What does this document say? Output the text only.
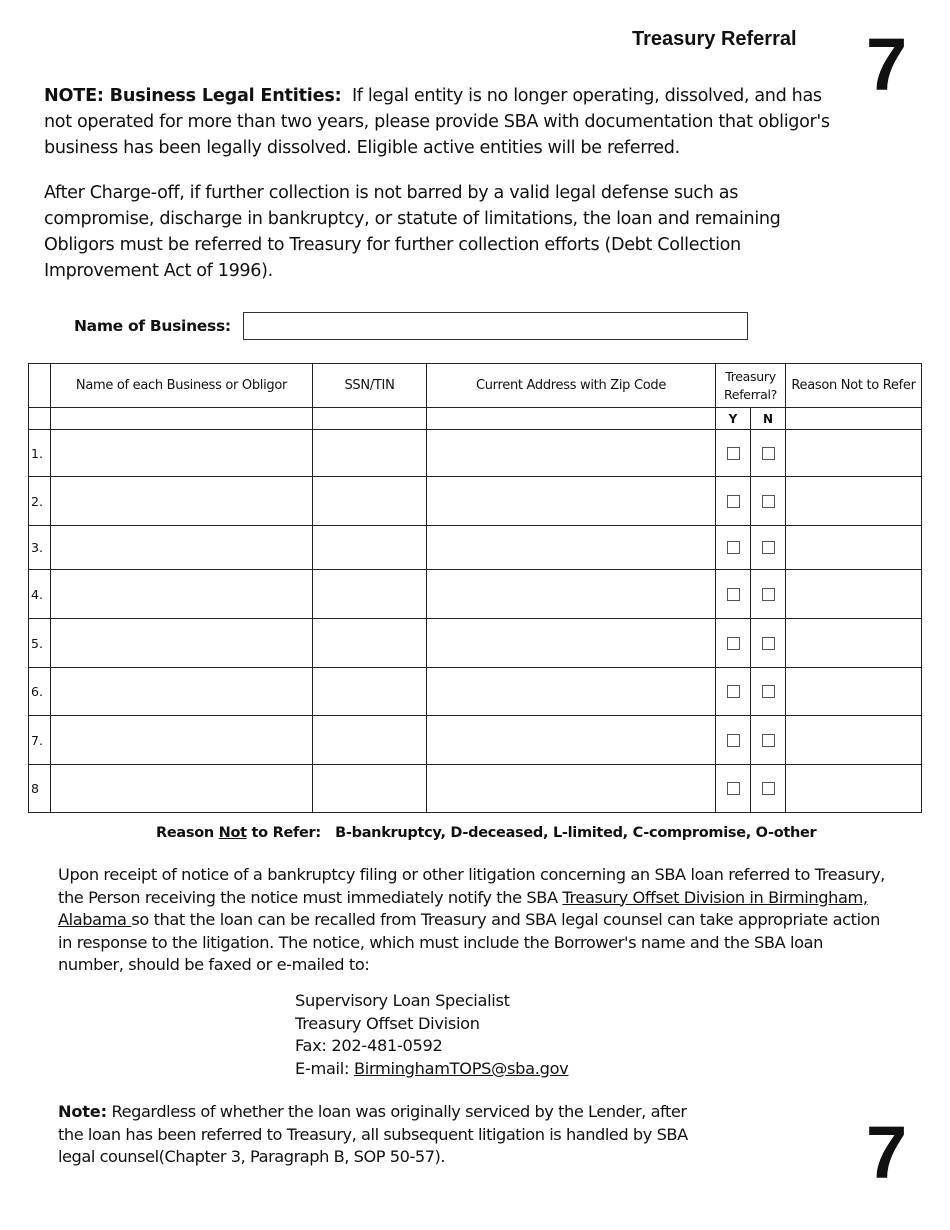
Treasury Referral 7
NOTE: Business Legal Entities: If legal entity is no longer operating, dissolved, and has not operated for more than two years, please provide SBA with documentation that obligor's business has been legally dissolved. Eligible active entities will be referred.
After Charge-off, if further collection is not barred by a valid legal defense such as compromise, discharge in bankruptcy, or statute of limitations, the loan and remaining Obligors must be referred to Treasury for further collection efforts (Debt Collection Improvement Act of 1996).
Name of Business:
	Name of each Business or Obligor	SSN/TIN	Current Address with Zip Code	Treasury Referral?		Reason Not to Refer
				Y	N	
1.						
2.						
3.						
4.						
5.						
6.						
7.						
8						
Reason Not to Refer: B-bankruptcy, D-deceased, L-limited, C-compromise, O-other
Upon receipt of notice of a bankruptcy filing or other litigation concerning an SBA loan referred to Treasury, the Person receiving the notice must immediately notify the SBA Treasury Offset Division in Birmingham, Alabama so that the loan can be recalled from Treasury and SBA legal counsel can take appropriate action in response to the litigation. The notice, which must include the Borrower's name and the SBA loan number, should be faxed or e-mailed to:
Supervisory Loan Specialist
Treasury Offset Division
Fax: 202-481-0592
E-mail: BirminghamTOPS@sba.gov
Note: Regardless of whether the loan was originally serviced by the Lender, after the loan has been referred to Treasury, all subsequent litigation is handled by SBA legal counsel(Chapter 3, Paragraph B, SOP 50-57).	7
